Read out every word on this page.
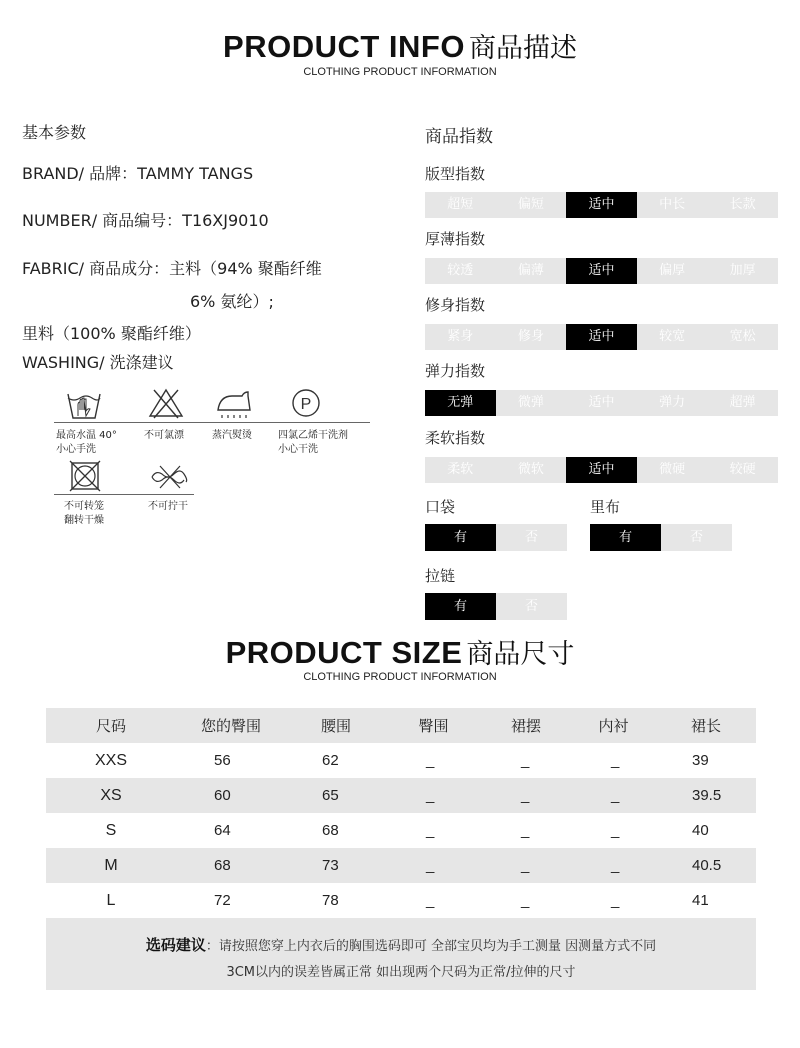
PRODUCT INFO 商品描述
CLOTHING PRODUCT INFORMATION
基本参数
BRAND/ 品牌：TAMMY TANGS
NUMBER/ 商品编号：T16XJ9010
FABRIC/ 商品成分：主料（94% 聚酯纤维
6% 氨纶）;
里料（100% 聚酯纤维）
WASHING/ 洗涤建议
P
最高水温 40°
小心手洗
不可氯漂	蒸汽熨烫	四氯乙烯干洗剂
小心干洗
不可转笼
翻转干燥
不可拧干
商品指数
版型指数
超短	偏短	适中	中长	长款
厚薄指数
较透	偏薄	适中	偏厚	加厚
修身指数
紧身	修身	适中	较宽	宽松
弹力指数
无弹	微弹	适中	弹力	超弹
柔软指数
柔软	微软	适中	微硬	较硬
口袋
有	否
里布
有	否
拉链
有	否
PRODUCT SIZE 商品尺寸
CLOTHING PRODUCT INFORMATION
尺码	您的臀围	腰围	臀围	裙摆	内衬	裙长
XXS	56	62	_	_	_	39
XS	60	65	_	_	_	39.5
S	64	68	_	_	_	40
M	68	73	_	_	_	40.5
L	72	78	_	_	_	41
选码建议：请按照您穿上内衣后的胸围选码即可 全部宝贝均为手工测量 因测量方式不同
3CM以内的误差皆属正常 如出现两个尺码为正常/拉伸的尺寸
